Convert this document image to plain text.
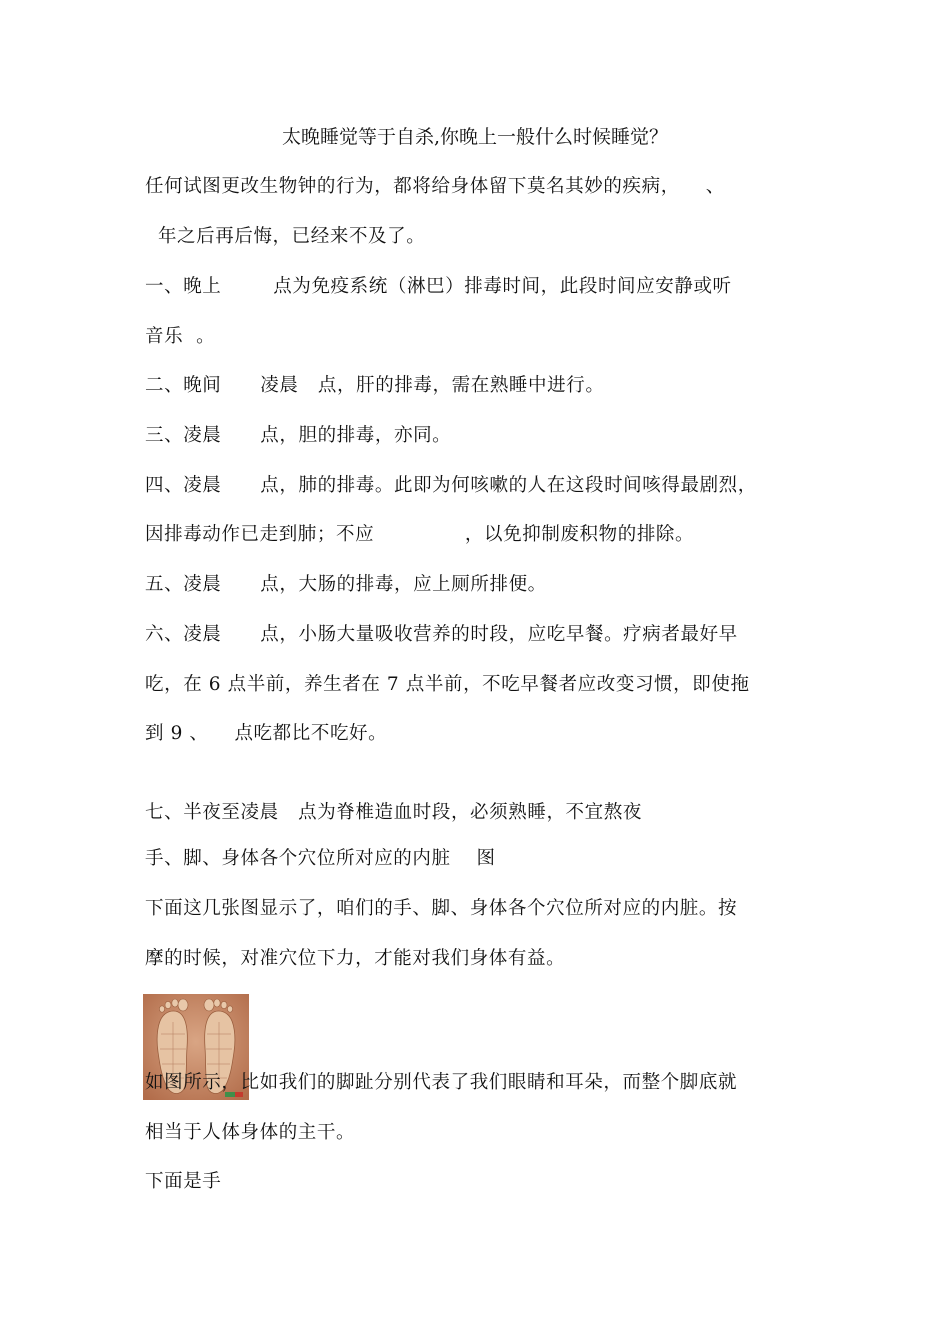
太晚睡觉等于自杀,你晚上一般什么时候睡觉？
任何试图更改生物钟的行为，都将给身体留下莫名其妙的疾病，    、
年之后再后悔，已经来不及了。
一、晚上        点为免疫系统（淋巴）排毒时间，此段时间应安静或听
音乐  。
二、晚间      凌晨   点，肝的排毒，需在熟睡中进行。
三、凌晨      点，胆的排毒，亦同。
四、凌晨      点，肺的排毒。此即为何咳嗽的人在这段时间咳得最剧烈，
因排毒动作已走到肺；不应              ，以免抑制废积物的排除。
五、凌晨      点，大肠的排毒，应上厕所排便。
六、凌晨      点，小肠大量吸收营养的时段，应吃早餐。疗病者最好早
吃，在 6 点半前，养生者在 7 点半前，不吃早餐者应改变习惯，即使拖
到 9 、    点吃都比不吃好。
七、半夜至凌晨   点为脊椎造血时段，必须熟睡，不宜熬夜
手、脚、身体各个穴位所对应的内脏    图
下面这几张图显示了，咱们的手、脚、身体各个穴位所对应的内脏。按
摩的时候，对准穴位下力，才能对我们身体有益。
如图所示，比如我们的脚趾分别代表了我们眼睛和耳朵，而整个脚底就
相当于人体身体的主干。
下面是手
